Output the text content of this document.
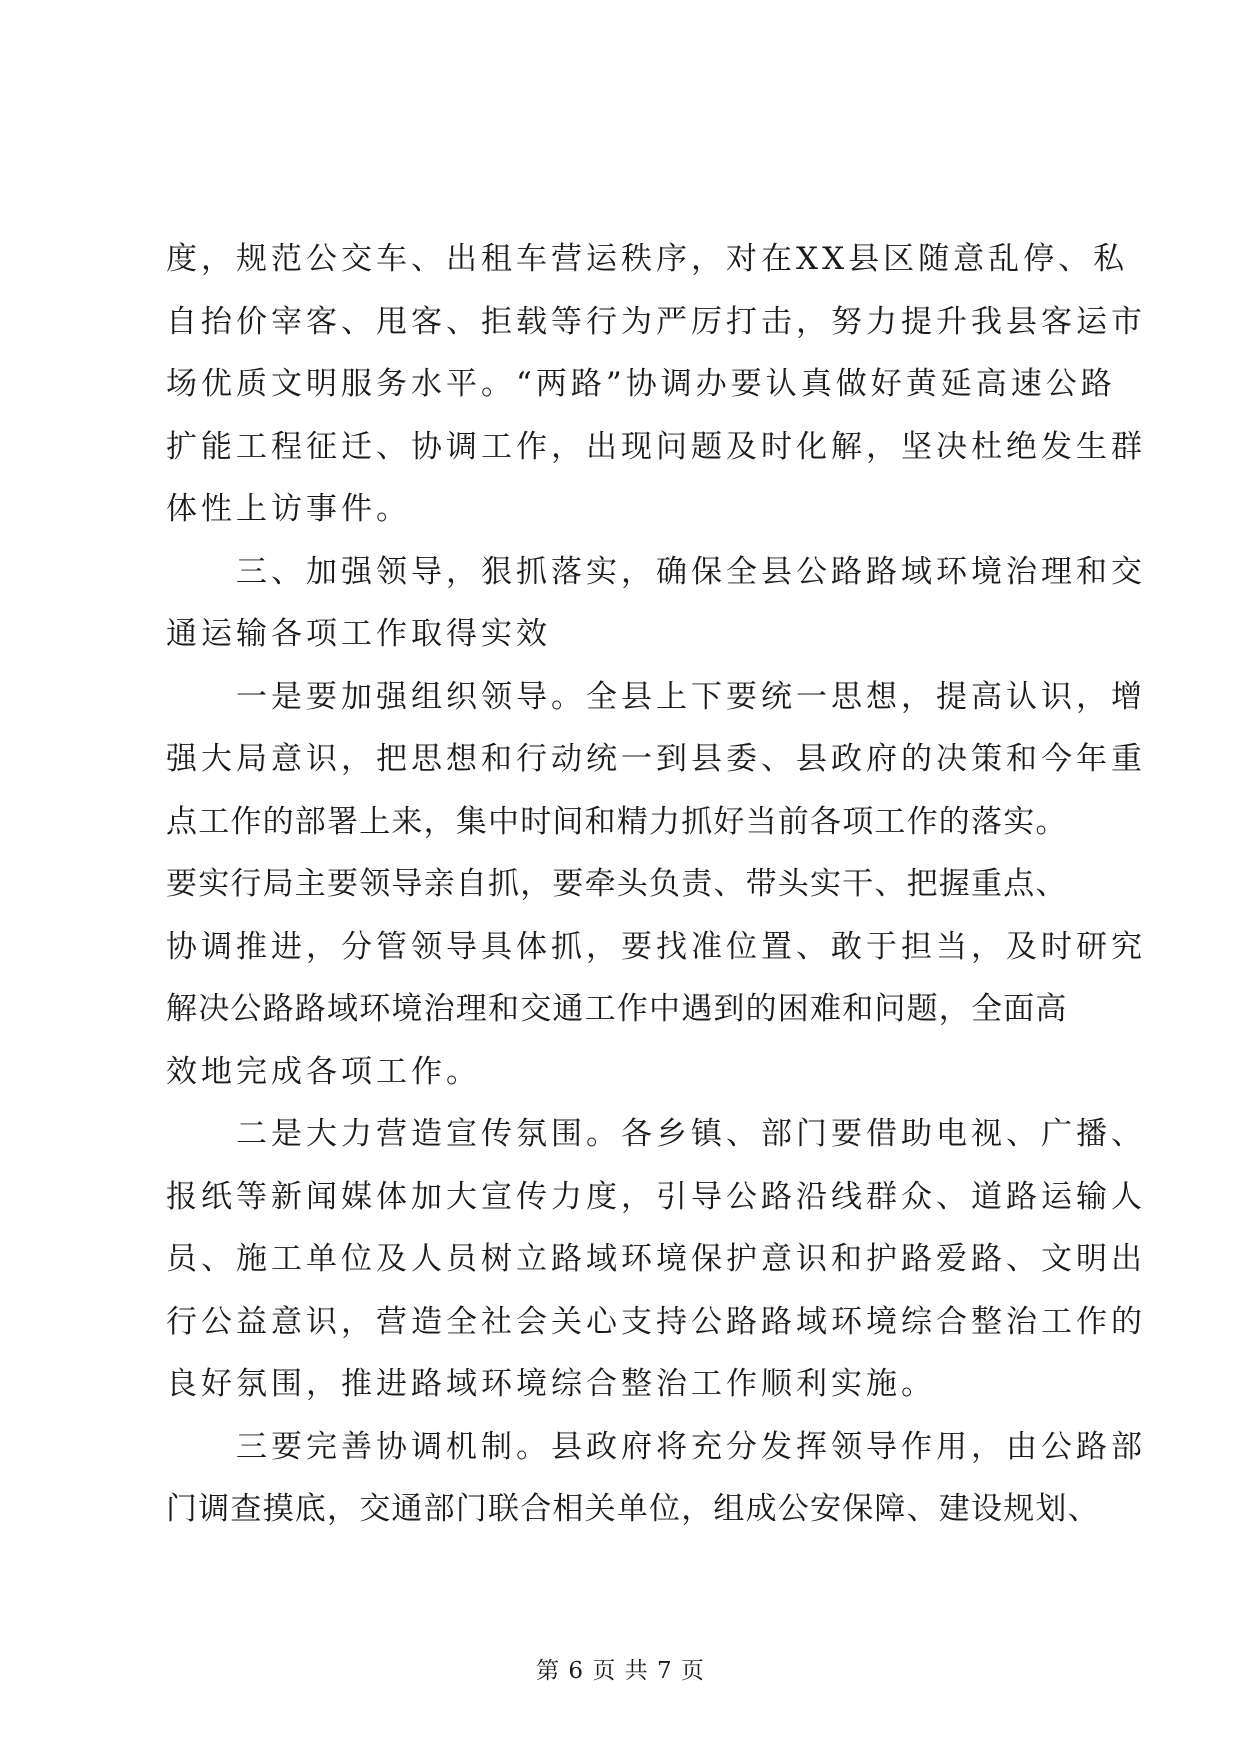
度，规范公交车、出租车营运秩序，对在XX县区随意乱停、私
自抬价宰客、甩客、拒载等行为严厉打击，努力提升我县客运市
场优质文明服务水平。“两路”协调办要认真做好黄延高速公路
扩能工程征迁、协调工作，出现问题及时化解，坚决杜绝发生群
体性上访事件。
三、加强领导，狠抓落实，确保全县公路路域环境治理和交
通运输各项工作取得实效
一是要加强组织领导。全县上下要统一思想，提高认识，增
强大局意识，把思想和行动统一到县委、县政府的决策和今年重
点工作的部署上来，集中时间和精力抓好当前各项工作的落实。
要实行局主要领导亲自抓，要牵头负责、带头实干、把握重点、
协调推进，分管领导具体抓，要找准位置、敢于担当，及时研究
解决公路路域环境治理和交通工作中遇到的困难和问题，全面高
效地完成各项工作。
二是大力营造宣传氛围。各乡镇、部门要借助电视、广播、
报纸等新闻媒体加大宣传力度，引导公路沿线群众、道路运输人
员、施工单位及人员树立路域环境保护意识和护路爱路、文明出
行公益意识，营造全社会关心支持公路路域环境综合整治工作的
良好氛围，推进路域环境综合整治工作顺利实施。
三要完善协调机制。县政府将充分发挥领导作用，由公路部
门调查摸底，交通部门联合相关单位，组成公安保障、建设规划、
第 6 页 共 7 页
